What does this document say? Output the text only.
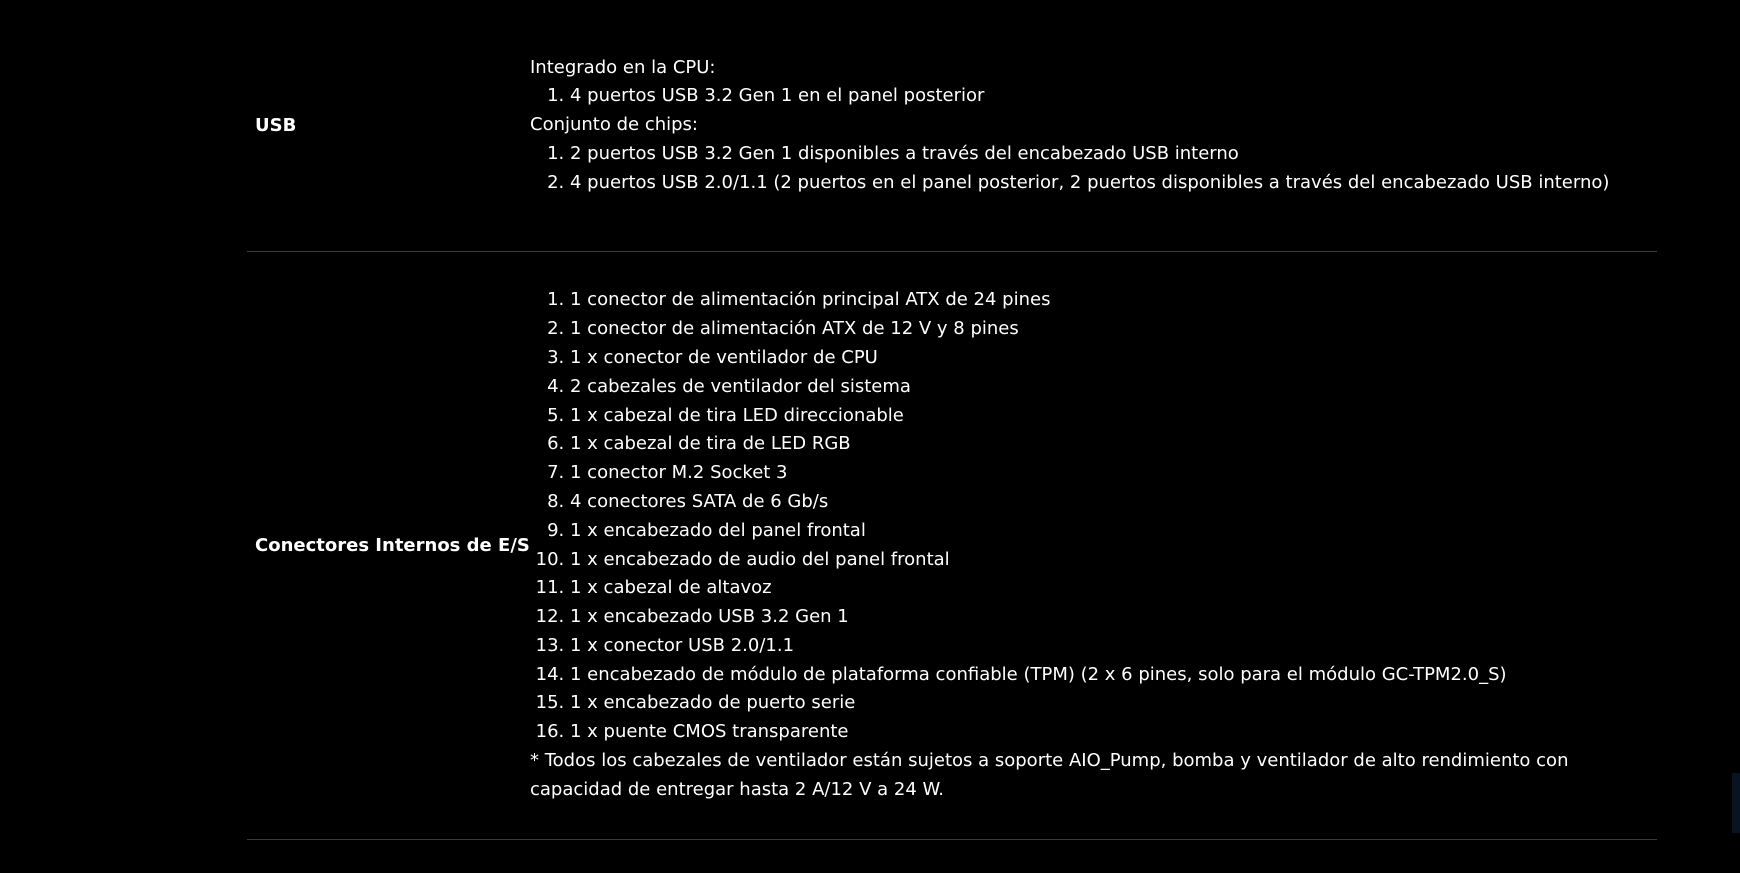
USB

Integrado en la CPU:

1. 4 puertos USB 3.2 Gen 1 en el panel posterior

Conjunto de chips:

1. 2 puertos USB 3.2 Gen 1 disponibles a través del encabezado USB interno
2. 4 puertos USB 2.0/1.1 (2 puertos en el panel posterior, 2 puertos disponibles a través del encabezado USB interno)
Conectores Internos de E/S
1. 1 conector de alimentación principal ATX de 24 pines
2. 1 conector de alimentación ATX de 12 V y 8 pines
3. 1 x conector de ventilador de CPU
4. 2 cabezales de ventilador del sistema
5. 1 x cabezal de tira LED direccionable
6. 1 x cabezal de tira de LED RGB
7. 1 conector M.2 Socket 3
8. 4 conectores SATA de 6 Gb/s
9. 1 x encabezado del panel frontal
10. 1 x encabezado de audio del panel frontal
11. 1 x cabezal de altavoz
12. 1 x encabezado USB 3.2 Gen 1
13. 1 x conector USB 2.0/1.1
14. 1 encabezado de módulo de plataforma confiable (TPM) (2 x 6 pines, solo para el módulo GC-TPM2.0_S)
15. 1 x encabezado de puerto serie
16. 1 x puente CMOS transparente

* Todos los cabezales de ventilador están sujetos a soporte AIO_Pump, bomba y ventilador de alto rendimiento con capacidad de entregar hasta 2 A/12 V a 24 W.
